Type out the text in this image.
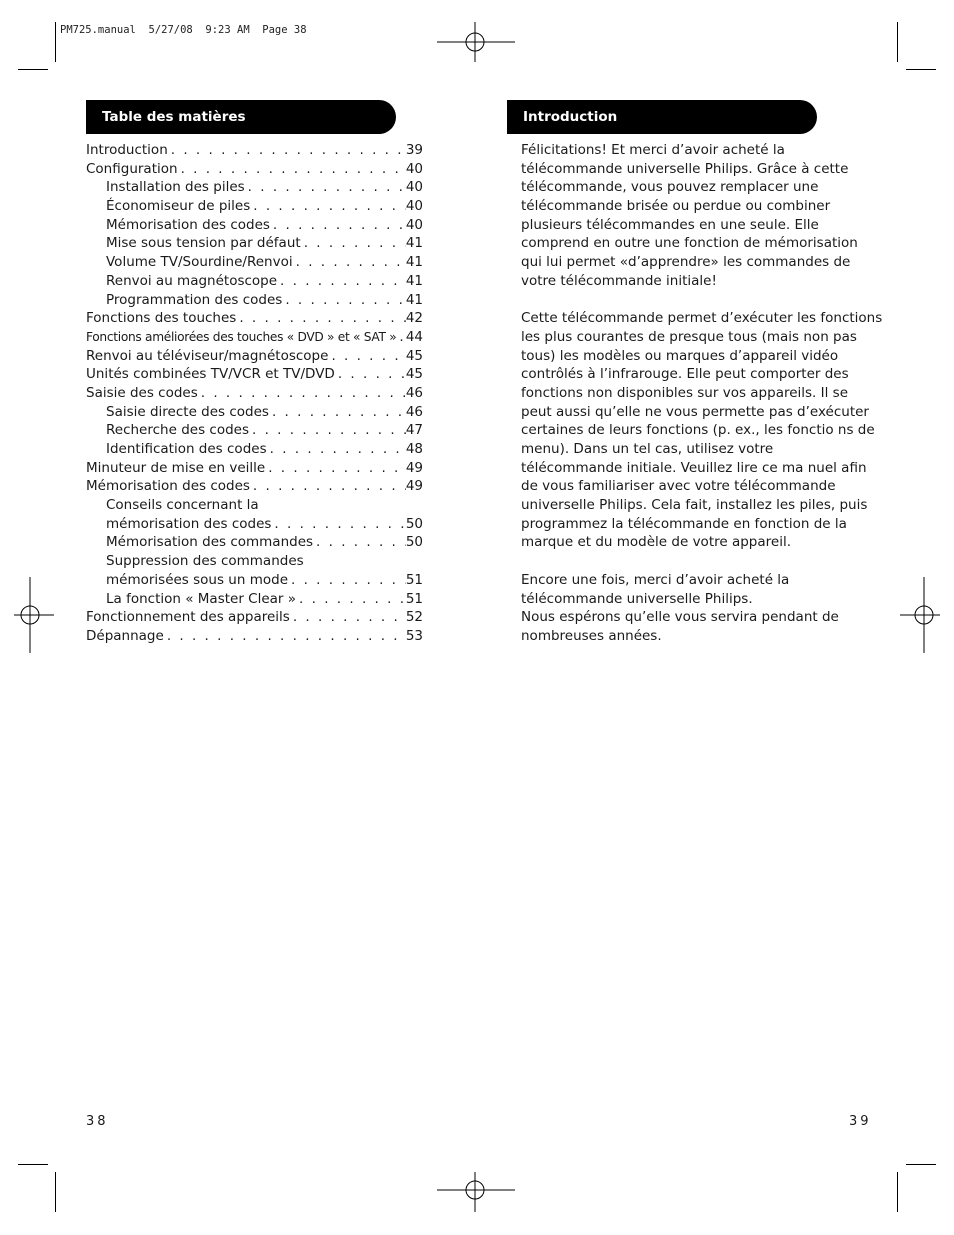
PM725.manual  5/27/08  9:23 AM  Page 38
Table des matières	Introduction
Introduction . . .	39
Configuration . . .	40
Installation des piles . . .	40
Économiseur de piles . . .	40
Mémorisation des codes . . .	40
Mise sous tension par défaut . . .	41
Volume TV/Sourdine/Renvoi . . .	41
Renvoi au magnétoscope . . .	41
Programmation des codes . . .	41
Fonctions des touches . . .	42
Fonctions améliorées des touches « DVD » et « SAT » . . . 44
Renvoi au téléviseur/magnétoscope . . .	45
Unités combinées TV/VCR et TV/DVD . . .	45
Saisie des codes . . .	46
Saisie directe des codes . . .	46
Recherche des codes . . .	47
Identification des codes . . .	48
Minuteur de mise en veille . . .	49
Mémorisation des codes . . .	49
Conseils concernant la
mémorisation des codes . . .	50
Mémorisation des commandes . . .	50
Suppression des commandes
mémorisées sous un mode . . .	51
La fonction « Master Clear » . . .	51
Fonctionnement des appareils . . .	52
Dépannage . . .	53
Félicitations! Et merci d’avoir acheté la
télécommande universelle Philips. Grâce à cette
télécommande, vous pouvez remplacer une
télécommande brisée ou perdue ou combiner
plusieurs télécommandes en une seule. Elle
comprend en outre une fonction de mémorisation
qui lui permet «d’apprendre» les commandes de
votre télécommande initiale!
Cette télécommande permet d’exécuter les fonctions
les plus courantes de presque tous (mais non pas
tous) les modèles ou marques d’appareil vidéo
contrôlés à l’infrarouge. Elle peut comporter des
fonctions non disponibles sur vos appareils. Il se
peut aussi qu’elle ne vous permette pas d’exécuter
certaines de leurs fonctions (p. ex., les fonctio ns de
menu). Dans un tel cas, utilisez votre
télécommande initiale. Veuillez lire ce ma nuel afin
de vous familiariser avec votre télécommande
universelle Philips. Cela fait, installez les piles, puis
programmez la télécommande en fonction de la
marque et du modèle de votre appareil.
Encore une fois, merci d’avoir acheté la
télécommande universelle Philips.
Nous espérons qu’elle vous servira pendant de
nombreuses années.
38	39
